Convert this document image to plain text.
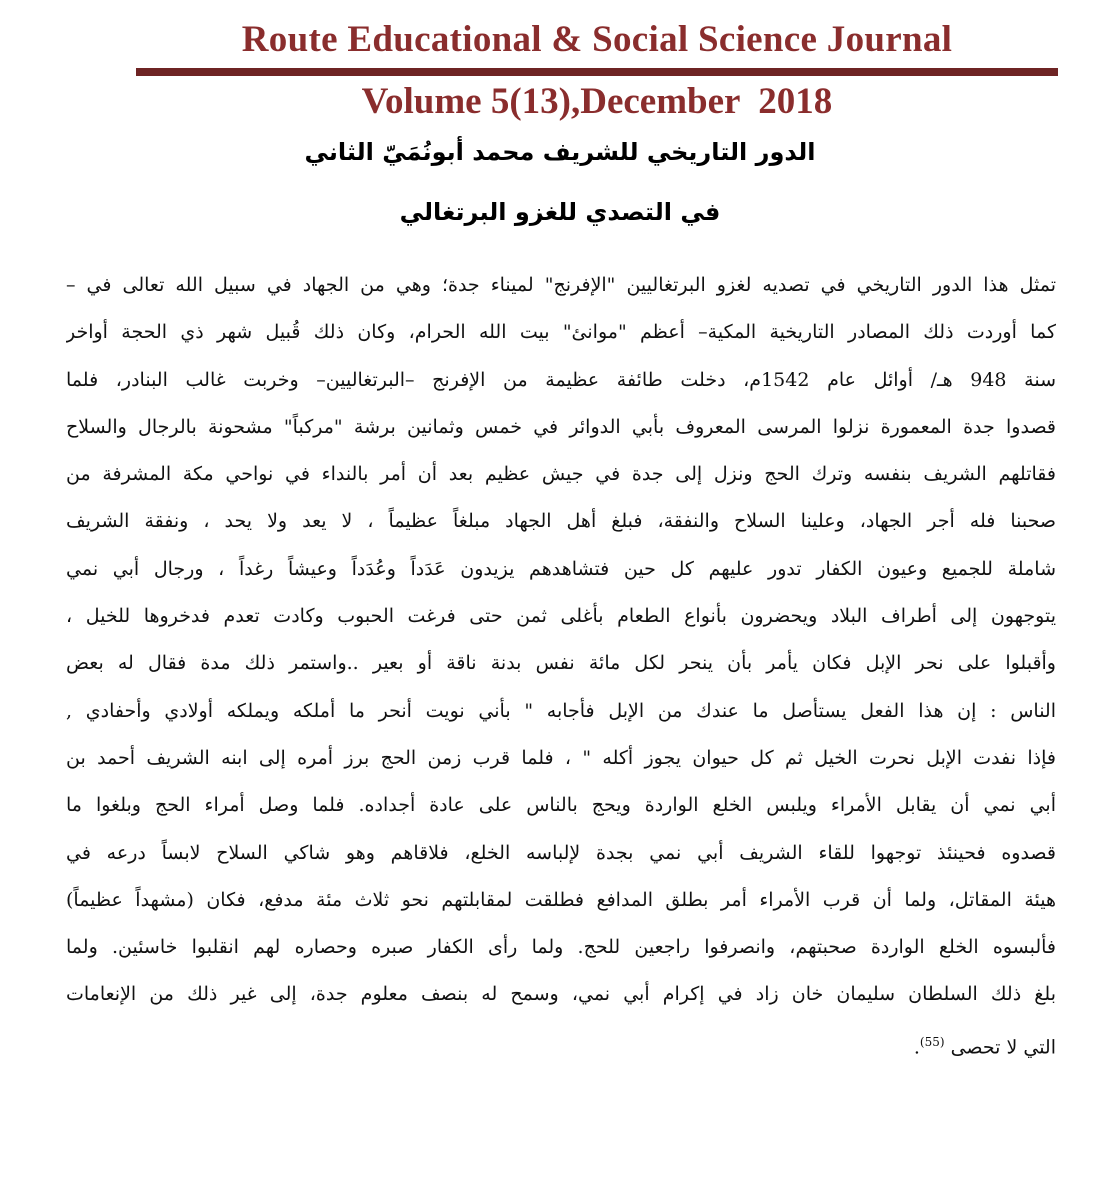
Route Educational & Social Science Journal
Volume 5(13),December  2018
الدور التاريخي للشريف محمد أبونُمَيّ الثاني
في التصدي للغزو البرتغالي
تمثل هذا الدور التاريخي في تصديه لغزو البرتغاليين "الإفرنج" لميناء جدة؛ وهي من الجهاد في سبيل الله تعالى في –
كما أوردت ذلك المصادر التاريخية المكية– أعظم "موانئ" بيت الله الحرام، وكان ذلك قُبيل شهر ذي الحجة أواخر
سنة 948 هـ/ أوائل عام 1542م، دخلت طائفة عظيمة من الإفرنج –البرتغاليين– وخربت غالب البنادر، فلما
قصدوا جدة المعمورة نزلوا المرسى المعروف بأبي الدوائر في خمس وثمانين برشة "مركباً" مشحونة بالرجال والسلاح
فقاتلهم الشريف بنفسه وترك الحج ونزل إلى جدة في جيش عظيم بعد أن أمر بالنداء في نواحي مكة المشرفة من
صحبنا فله أجر الجهاد، وعلينا السلاح والنفقة، فبلغ أهل الجهاد مبلغاً عظيماً ، لا يعد ولا يحد ، ونفقة الشريف
شاملة للجميع وعيون الكفار تدور عليهم كل حين فتشاهدهم يزيدون عَدَداً وعُدَداً وعيشاً رغداً ، ورجال أبي نمي
يتوجهون إلى أطراف البلاد ويحضرون بأنواع الطعام بأغلى ثمن حتى فرغت الحبوب وكادت تعدم فدخروها للخيل ،
وأقبلوا على نحر الإبل فكان يأمر بأن ينحر لكل مائة نفس بدنة ناقة أو بعير ..واستمر ذلك مدة فقال له بعض
الناس : إن هذا الفعل يستأصل ما عندك من الإبل فأجابه " بأني نويت أنحر ما أملكه ويملكه أولادي وأحفادي ,
فإذا نفدت الإبل نحرت الخيل ثم كل حيوان يجوز أكله " ، فلما قرب زمن الحج برز أمره إلى ابنه الشريف أحمد بن
أبي نمي أن يقابل الأمراء ويلبس الخلع الواردة ويحج بالناس على عادة أجداده. فلما وصل أمراء الحج وبلغوا ما
قصدوه فحينئذ توجهوا للقاء الشريف أبي نمي بجدة لإلباسه الخلع، فلاقاهم وهو شاكي السلاح لابساً درعه في
هيئة المقاتل، ولما أن قرب الأمراء أمر بطلق المدافع فطلقت لمقابلتهم نحو ثلاث مئة مدفع، فكان (مشهداً عظيماً)
فألبسوه الخلع الواردة صحبتهم، وانصرفوا راجعين للحج. ولما رأى الكفار صبره وحصاره لهم انقلبوا خاسئين. ولما
بلغ ذلك السلطان سليمان خان زاد في إكرام أبي نمي، وسمح له بنصف معلوم جدة، إلى غير ذلك من الإنعامات
التي لا تحصى $^{(55)}$.
